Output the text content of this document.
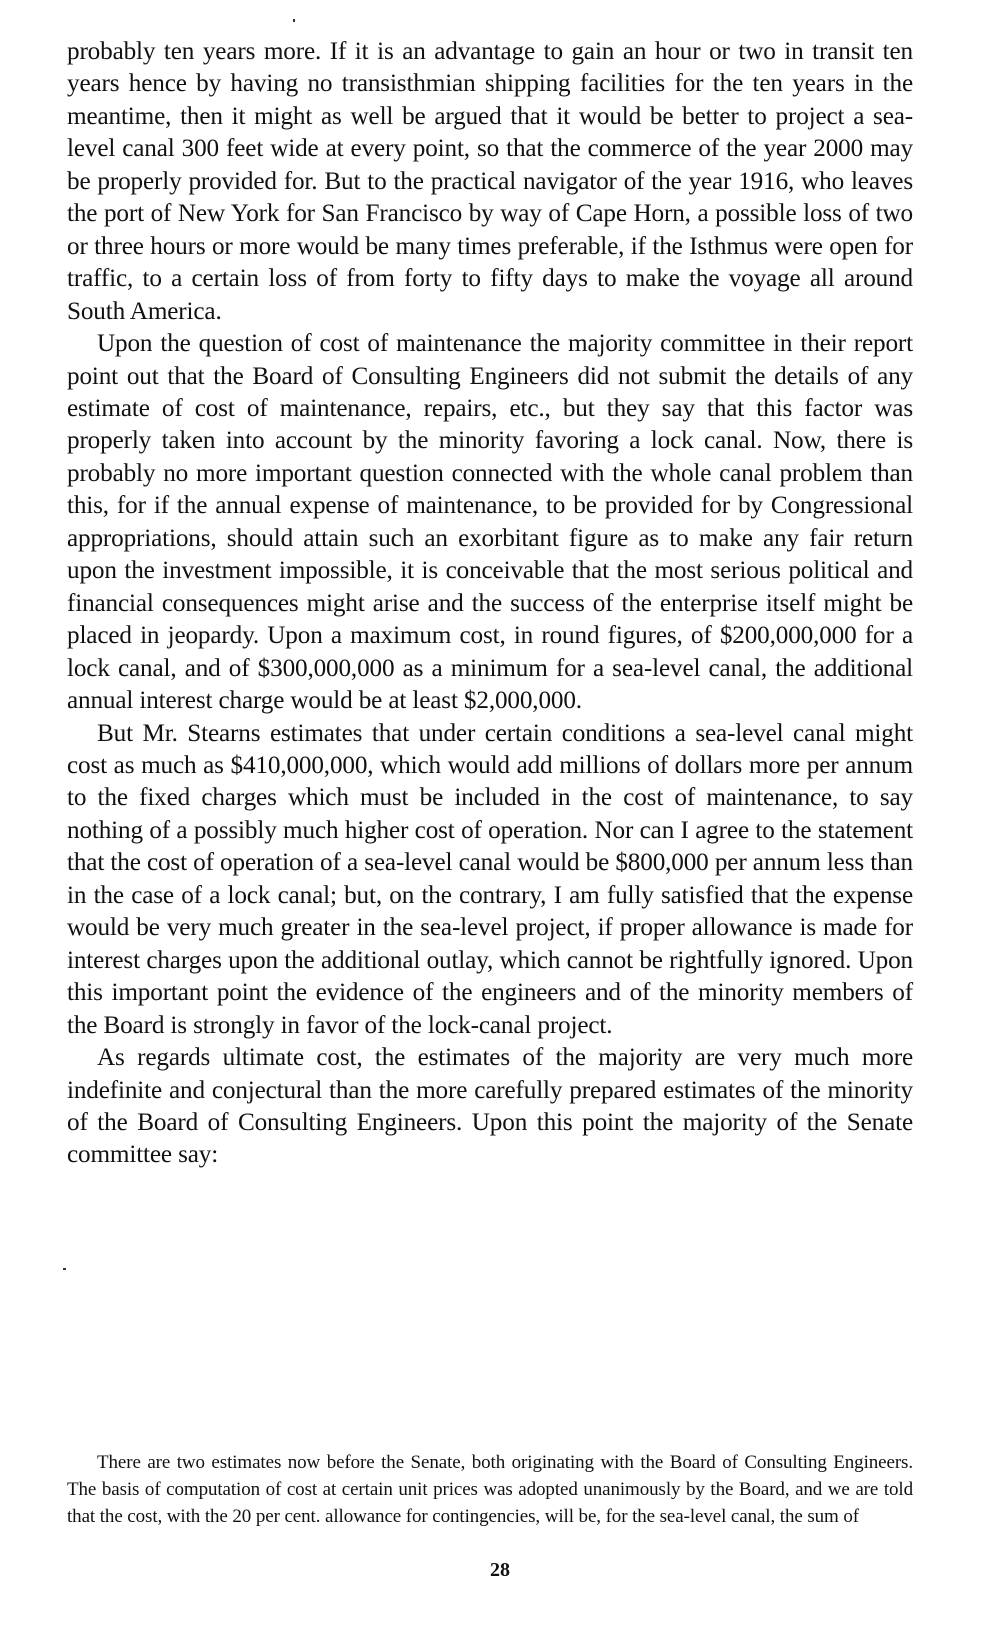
probably ten years more. If it is an advantage to gain an hour or two in transit ten years hence by having no transisthmian shipping facilities for the ten years in the meantime, then it might as well be argued that it would be better to project a sea-level canal 300 feet wide at every point, so that the commerce of the year 2000 may be properly provided for. But to the practical navigator of the year 1916, who leaves the port of New York for San Francisco by way of Cape Horn, a possible loss of two or three hours or more would be many times preferable, if the Isthmus were open for traffic, to a certain loss of from forty to fifty days to make the voyage all around South America.

Upon the question of cost of maintenance the majority committee in their report point out that the Board of Consulting Engineers did not submit the details of any estimate of cost of maintenance, repairs, etc., but they say that this factor was properly taken into account by the minority favoring a lock canal. Now, there is probably no more important question connected with the whole canal problem than this, for if the annual expense of maintenance, to be provided for by Congressional appropriations, should attain such an exorbitant figure as to make any fair return upon the investment impossible, it is conceivable that the most serious political and financial consequences might arise and the success of the enterprise itself might be placed in jeopardy. Upon a maximum cost, in round figures, of $200,000,000 for a lock canal, and of $300,000,000 as a minimum for a sea-level canal, the additional annual interest charge would be at least $2,000,000.

But Mr. Stearns estimates that under certain conditions a sea-level canal might cost as much as $410,000,000, which would add millions of dollars more per annum to the fixed charges which must be included in the cost of maintenance, to say nothing of a possibly much higher cost of operation. Nor can I agree to the statement that the cost of operation of a sea-level canal would be $800,000 per annum less than in the case of a lock canal; but, on the contrary, I am fully satisfied that the expense would be very much greater in the sea-level project, if proper allowance is made for interest charges upon the additional outlay, which cannot be rightfully ignored. Upon this important point the evidence of the engineers and of the minority members of the Board is strongly in favor of the lock-canal project.

As regards ultimate cost, the estimates of the majority are very much more indefinite and conjectural than the more carefully prepared estimates of the minority of the Board of Consulting Engineers. Upon this point the majority of the Senate committee say:

There are two estimates now before the Senate, both originating with the Board of Consulting Engineers. The basis of computation of cost at certain unit prices was adopted unanimously by the Board, and we are told that the cost, with the 20 per cent. allowance for contingencies, will be, for the sea-level canal, the sum of

28
